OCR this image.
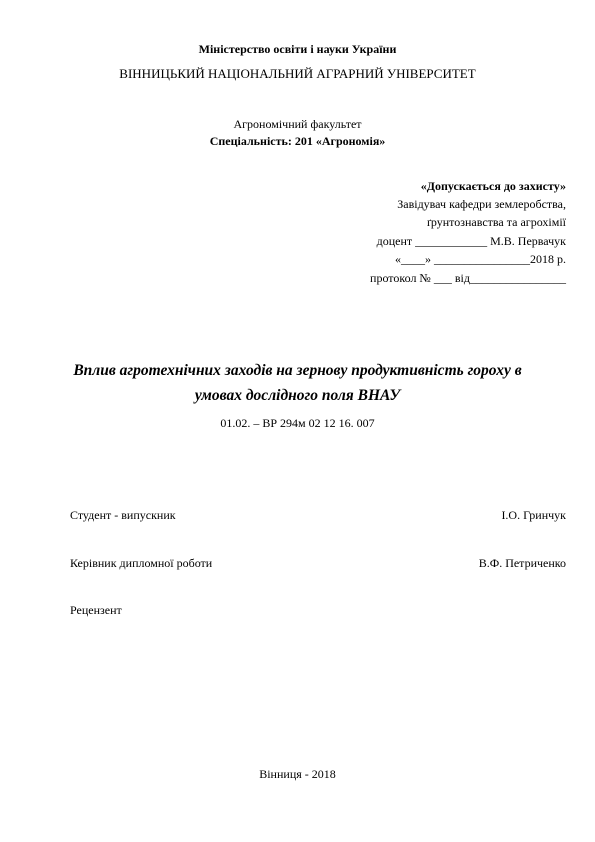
Міністерство освіти і науки України
ВІННИЦЬКИЙ НАЦІОНАЛЬНИЙ АГРАРНИЙ УНІВЕРСИТЕТ
Агрономічний факультет
Спеціальність: 201 «Агрономія»
«Допускається до захисту»
Завідувач кафедри землеробства,
ґрунтознавства та агрохімії
доцент ____________ М.В. Первачук
«____» ________________2018 р.
протокол № ___ від________________
Вплив агротехнічних заходів на зернову продуктивність гороху в
умовах дослідного поля ВНАУ
01.02. – ВР 294м 02 12 16. 007
Студент - випускник	І.О. Гринчук
Керівник дипломної роботи	В.Ф. Петриченко
Рецензент
Вінниця - 2018
